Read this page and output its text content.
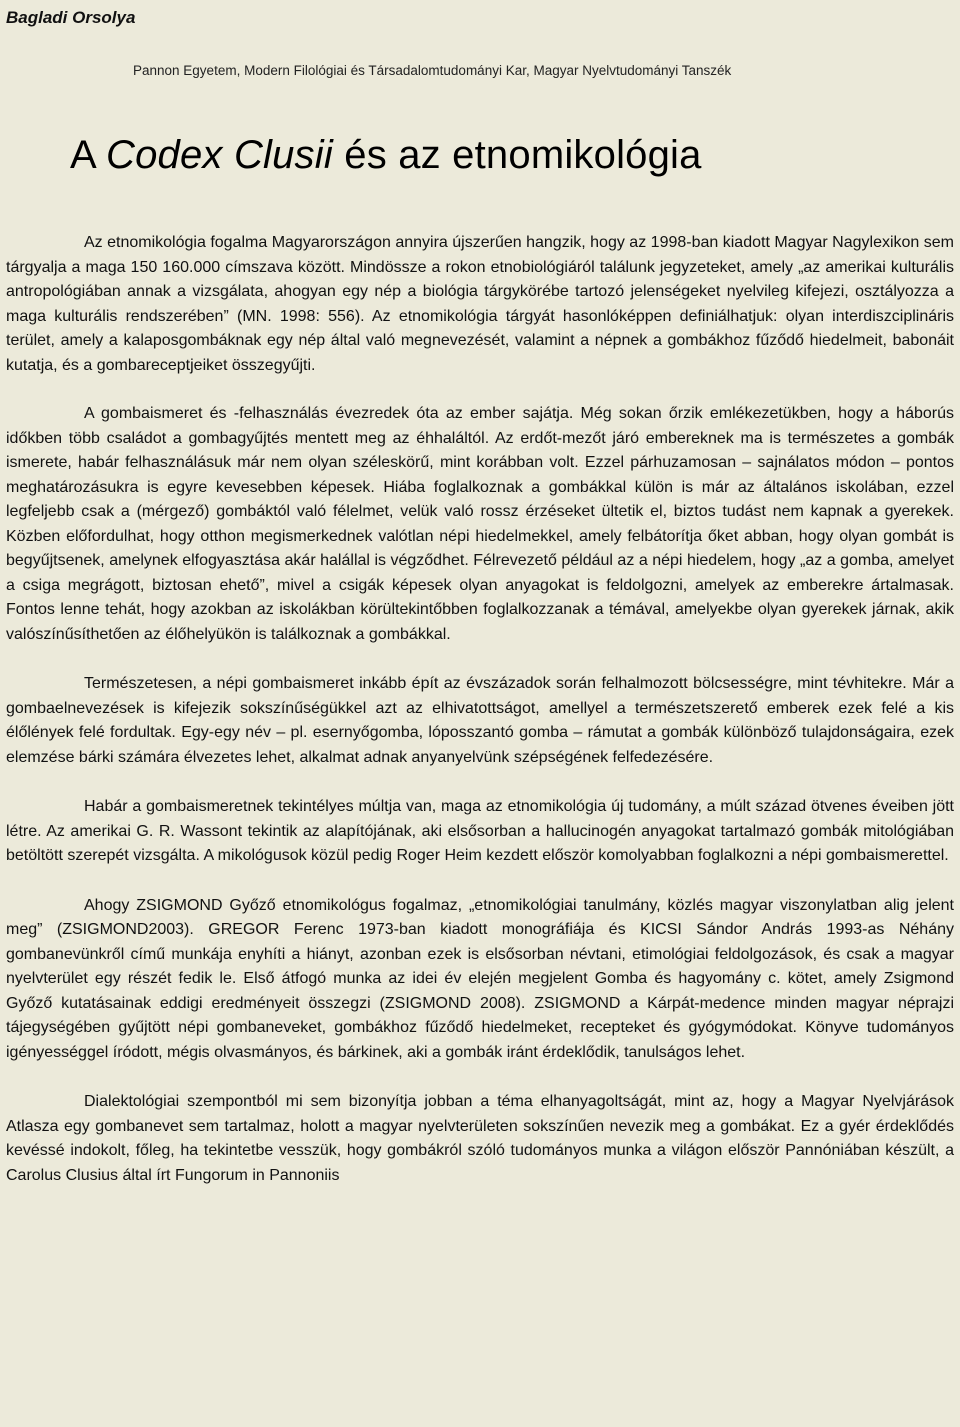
Bagladi Orsolya
Pannon Egyetem, Modern Filológiai és Társadalomtudományi Kar, Magyar Nyelvtudományi Tanszék
A Codex Clusii és az etnomikológia

Az etnomikológia fogalma Magyarországon annyira újszerűen hangzik, hogy az 1998-ban kiadott Magyar Nagylexikon sem tárgyalja a maga 150 160.000 címszava között. Mindössze a rokon etnobiológiáról találunk jegyzeteket, amely „az amerikai kulturális antropológiában annak a vizsgálata, ahogyan egy nép a biológia tárgykörébe tartozó jelenségeket nyelvileg kifejezi, osztályozza a maga kulturális rendszerében” (MN. 1998: 556). Az etnomikológia tárgyát hasonlóképpen definiálhatjuk: olyan interdiszciplináris terület, amely a kalaposgombáknak egy nép által való megnevezését, valamint a népnek a gombákhoz fűződő hiedelmeit, babonáit kutatja, és a gombareceptjeiket összegyűjti.

A gombaismeret és -felhasználás évezredek óta az ember sajátja. Még sokan őrzik emlékezetükben, hogy a háborús időkben több családot a gombagyűjtés mentett meg az éhhaláltól. Az erdőt-mezőt járó embereknek ma is természetes a gombák ismerete, habár felhasználásuk már nem olyan széleskörű, mint korábban volt. Ezzel párhuzamosan – sajnálatos módon – pontos meghatározásukra is egyre kevesebben képesek. Hiába foglalkoznak a gombákkal külön is már az általános iskolában, ezzel legfeljebb csak a (mérgező) gombáktól való félelmet, velük való rossz érzéseket ültetik el, biztos tudást nem kapnak a gyerekek. Közben előfordulhat, hogy otthon megismerkednek valótlan népi hiedelmekkel, amely felbátorítja őket abban, hogy olyan gombát is begyűjtsenek, amelynek elfogyasztása akár halállal is végződhet. Félrevezető például az a népi hiedelem, hogy „az a gomba, amelyet a csiga megrágott, biztosan ehető”, mivel a csigák képesek olyan anyagokat is feldolgozni, amelyek az emberekre ártalmasak. Fontos lenne tehát, hogy azokban az iskolákban körültekintőbben foglalkozzanak a témával, amelyekbe olyan gyerekek járnak, akik valószínűsíthetően az élőhelyükön is találkoznak a gombákkal.

Természetesen, a népi gombaismeret inkább épít az évszázadok során felhalmozott bölcsességre, mint tévhitekre. Már a gombaelnevezések is kifejezik sokszínűségükkel azt az elhivatottságot, amellyel a természetszerető emberek ezek felé a kis élőlények felé fordultak. Egy-egy név – pl. esernyőgomba, lóposszantó gomba – rámutat a gombák különböző tulajdonságaira, ezek elemzése bárki számára élvezetes lehet, alkalmat adnak anyanyelvünk szépségének felfedezésére.

Habár a gombaismeretnek tekintélyes múltja van, maga az etnomikológia új tudomány, a múlt század ötvenes éveiben jött létre. Az amerikai G. R. Wassont tekintik az alapítójának, aki elsősorban a hallucinogén anyagokat tartalmazó gombák mitológiában betöltött szerepét vizsgálta. A mikológusok közül pedig Roger Heim kezdett először komolyabban foglalkozni a népi gombaismerettel.

Ahogy ZSIGMOND Győző etnomikológus fogalmaz, „etnomikológiai tanulmány, közlés magyar viszonylatban alig jelent meg” (ZSIGMOND2003). GREGOR Ferenc 1973-ban kiadott monográfiája és KICSI Sándor András 1993-as Néhány gombanevünkről című munkája enyhíti a hiányt, azonban ezek is elsősorban névtani, etimológiai feldolgozások, és csak a magyar nyelvterület egy részét fedik le. Első átfogó munka az idei év elején megjelent Gomba és hagyomány c. kötet, amely Zsigmond Győző kutatásainak eddigi eredményeit összegzi (ZSIGMOND 2008). ZSIGMOND a Kárpát-medence minden magyar néprajzi tájegységében gyűjtött népi gombaneveket, gombákhoz fűződő hiedelmeket, recepteket és gyógymódokat. Könyve tudományos igényességgel íródott, mégis olvasmányos, és bárkinek, aki a gombák iránt érdeklődik, tanulságos lehet.

Dialektológiai szempontból mi sem bizonyítja jobban a téma elhanyagoltságát, mint az, hogy a Magyar Nyelvjárások Atlasza egy gombanevet sem tartalmaz, holott a magyar nyelvterületen sokszínűen nevezik meg a gombákat. Ez a gyér érdeklődés kevéssé indokolt, főleg, ha tekintetbe vesszük, hogy gombákról szóló tudományos munka a világon először Pannóniában készült, a Carolus Clusius által írt Fungorum in Pannoniis
